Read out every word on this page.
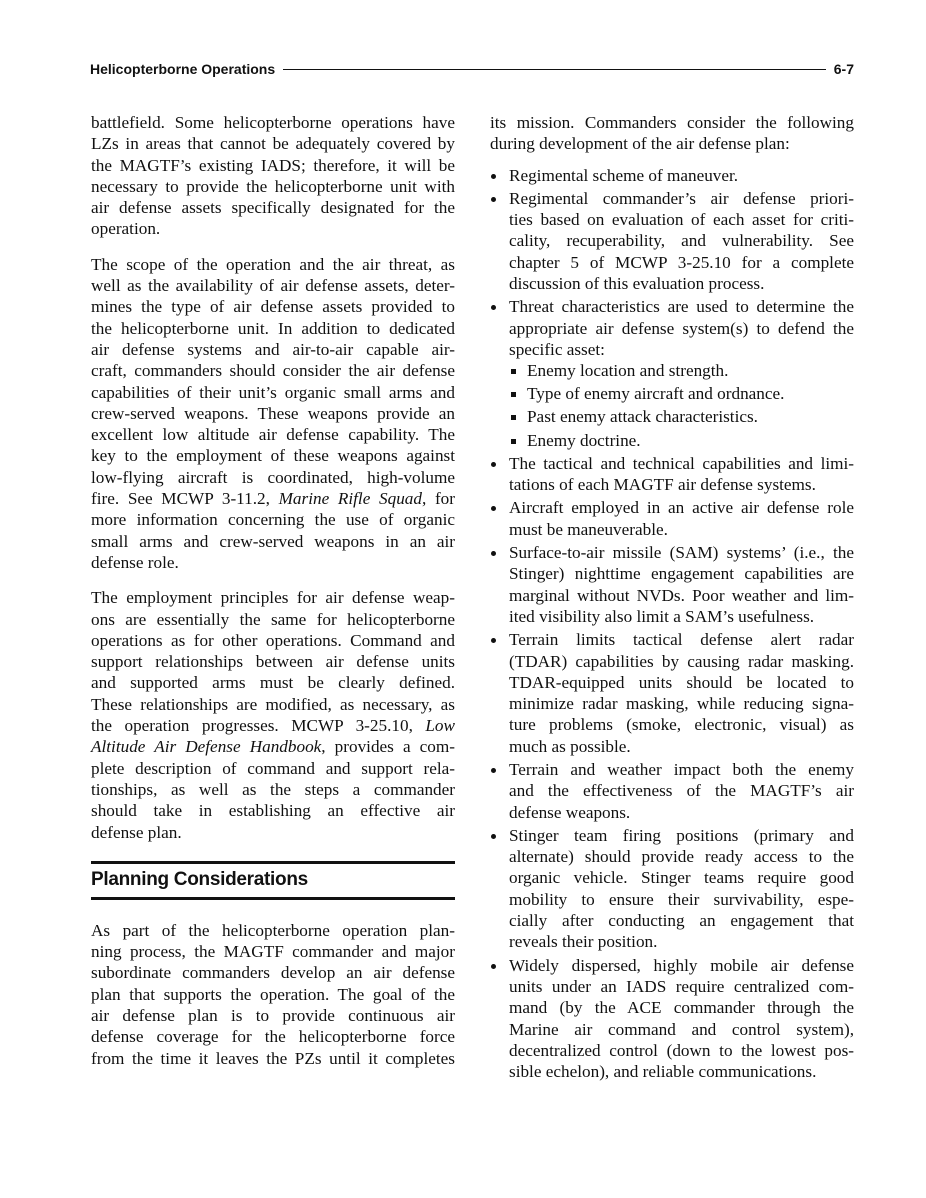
Helicopterborne Operations	6-7
battlefield. Some helicopterborne operations have
LZs in areas that cannot be adequately covered by
the MAGTF’s existing IADS; therefore, it will be
necessary to provide the helicopterborne unit with
air defense assets specifically designated for the
operation.
The scope of the operation and the air threat, as
well as the availability of air defense assets, deter-
mines the type of air defense assets provided to
the helicopterborne unit. In addition to dedicated
air defense systems and air-to-air capable air-
craft, commanders should consider the air defense
capabilities of their unit’s organic small arms and
crew-served weapons. These weapons provide an
excellent low altitude air defense capability. The
key to the employment of these weapons against
low-flying aircraft is coordinated, high-volume
fire. See MCWP 3-11.2, Marine Rifle Squad, for
more information concerning the use of organic
small arms and crew-served weapons in an air
defense role.
The employment principles for air defense weap-
ons are essentially the same for helicopterborne
operations as for other operations. Command and
support relationships between air defense units
and supported arms must be clearly defined.
These relationships are modified, as necessary, as
the operation progresses. MCWP 3-25.10, Low
Altitude Air Defense Handbook, provides a com-
plete description of command and support rela-
tionships, as well as the steps a commander
should take in establishing an effective air
defense plan.
Planning Considerations
As part of the helicopterborne operation plan-
ning process, the MAGTF commander and major
subordinate commanders develop an air defense
plan that supports the operation. The goal of the
air defense plan is to provide continuous air
defense coverage for the helicopterborne force
from the time it leaves the PZs until it completes
its mission. Commanders consider the following
during development of the air defense plan:
Regimental scheme of maneuver.
Regimental commander’s air defense priori-
ties based on evaluation of each asset for criti-
cality, recuperability, and vulnerability. See
chapter 5 of MCWP 3-25.10 for a complete
discussion of this evaluation process.
Threat characteristics are used to determine the
appropriate air defense system(s) to defend the
specific asset:
Enemy location and strength.
Type of enemy aircraft and ordnance.
Past enemy attack characteristics.
Enemy doctrine.
The tactical and technical capabilities and limi-
tations of each MAGTF air defense systems.
Aircraft employed in an active air defense role
must be maneuverable.
Surface-to-air missile (SAM) systems’ (i.e., the
Stinger) nighttime engagement capabilities are
marginal without NVDs. Poor weather and lim-
ited visibility also limit a SAM’s usefulness.
Terrain limits tactical defense alert radar
(TDAR) capabilities by causing radar masking.
TDAR-equipped units should be located to
minimize radar masking, while reducing signa-
ture problems (smoke, electronic, visual) as
much as possible.
Terrain and weather impact both the enemy
and the effectiveness of the MAGTF’s air
defense weapons.
Stinger team firing positions (primary and
alternate) should provide ready access to the
organic vehicle. Stinger teams require good
mobility to ensure their survivability, espe-
cially after conducting an engagement that
reveals their position.
Widely dispersed, highly mobile air defense
units under an IADS require centralized com-
mand (by the ACE commander through the
Marine air command and control system),
decentralized control (down to the lowest pos-
sible echelon), and reliable communications.
